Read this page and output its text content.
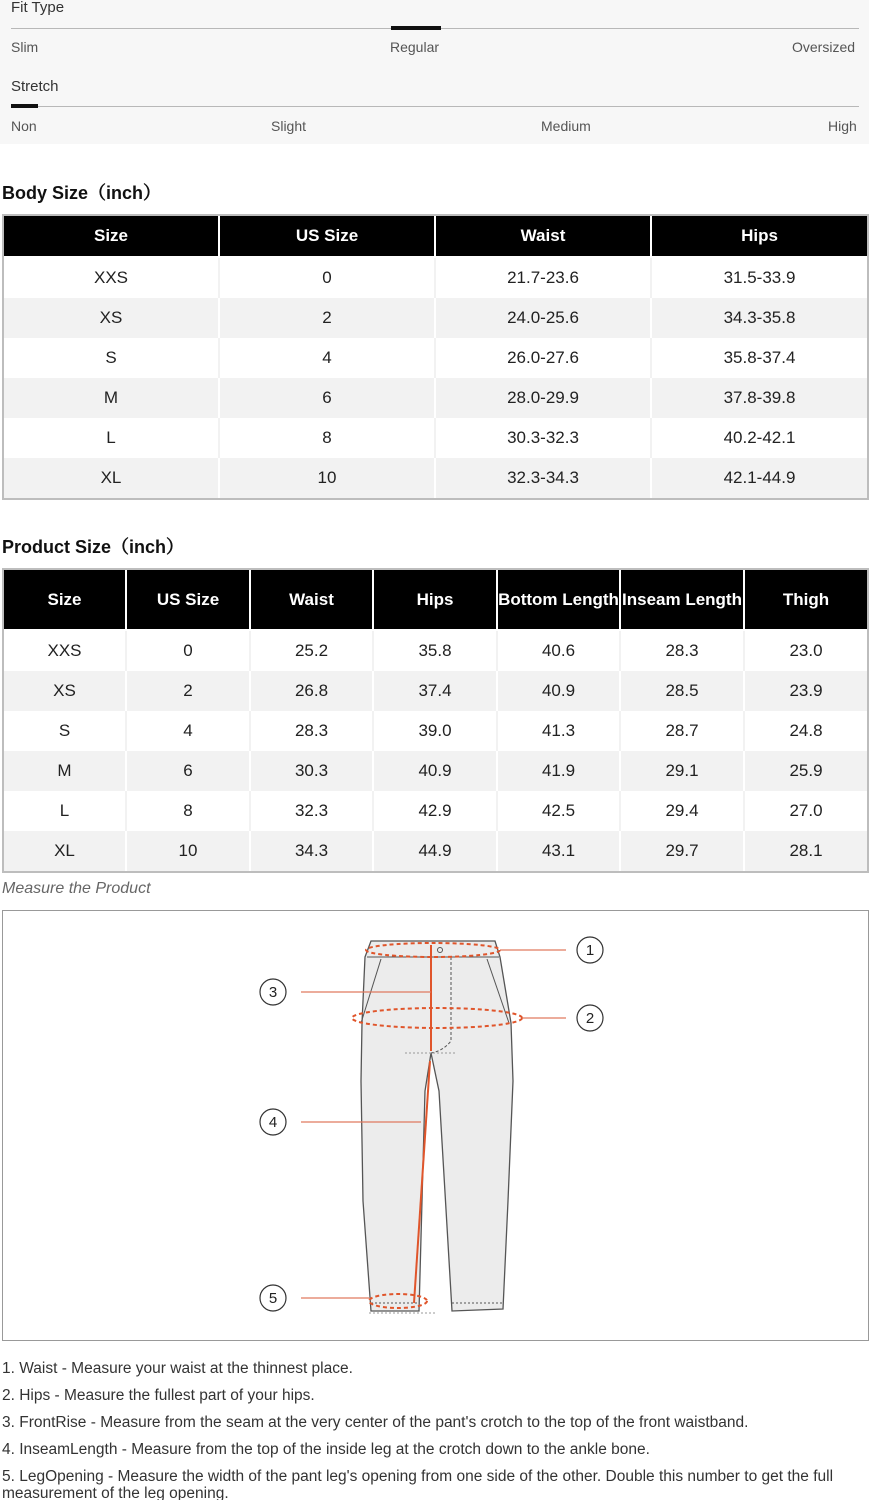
Fit Type
Slim	Regular	Oversized
Stretch
Non	Slight	Medium	High
Body Size（inch）
Size	US Size	Waist	Hips
XXS	0	21.7-23.6	31.5-33.9
XS	2	24.0-25.6	34.3-35.8
S	4	26.0-27.6	35.8-37.4
M	6	28.0-29.9	37.8-39.8
L	8	30.3-32.3	40.2-42.1
XL	10	32.3-34.3	42.1-44.9
Product Size（inch）
Size	US Size	Waist	Hips	Bottom Length	Inseam Length	Thigh
XXS	0	25.2	35.8	40.6	28.3	23.0
XS	2	26.8	37.4	40.9	28.5	23.9
S	4	28.3	39.0	41.3	28.7	24.8
M	6	30.3	40.9	41.9	29.1	25.9
L	8	32.3	42.9	42.5	29.4	27.0
XL	10	34.3	44.9	43.1	29.7	28.1
Measure the Product
1
2
3
4
5
1. Waist - Measure your waist at the thinnest place.
2. Hips - Measure the fullest part of your hips.
3. FrontRise - Measure from the seam at the very center of the pant's crotch to the top of the front waistband.
4. InseamLength - Measure from the top of the inside leg at the crotch down to the ankle bone.
5. LegOpening - Measure the width of the pant leg's opening from one side of the other. Double this number to get the full measurement of the leg opening.
